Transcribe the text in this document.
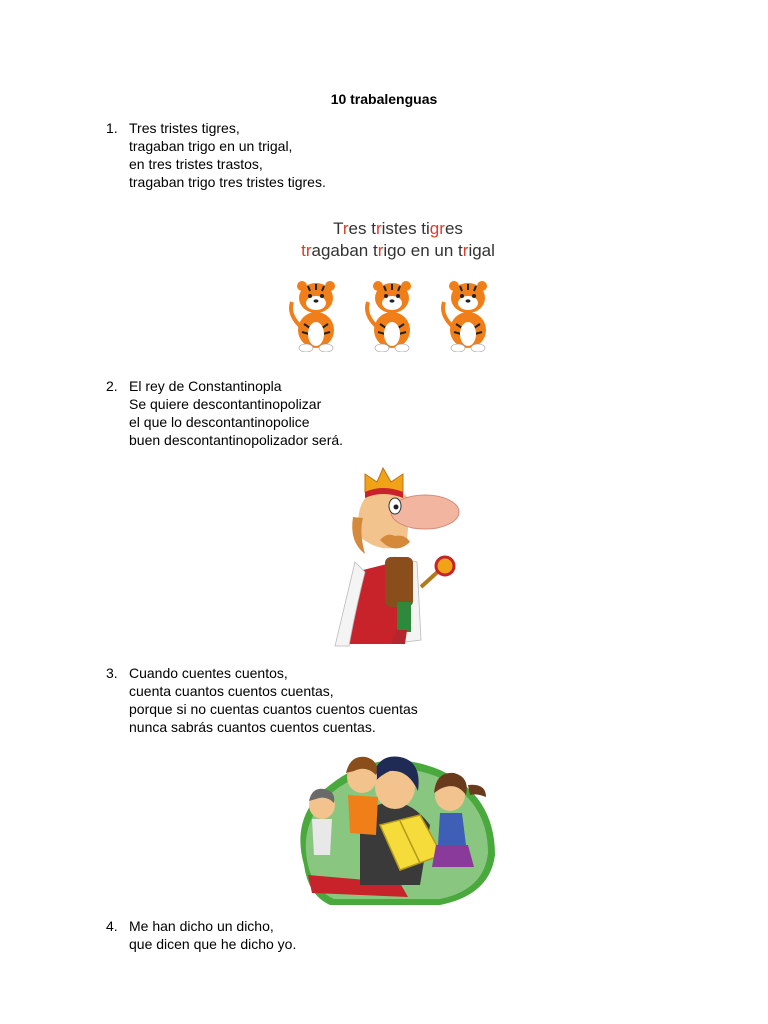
10 trabalenguas
1. Tres tristes tigres,
tragaban trigo en un trigal,
en tres tristes trastos,
tragaban trigo tres tristes tigres.
Tres tristes tigres
tragaban trigo en un trigal
2. El rey de Constantinopla
Se quiere descontantinopolizar
el que lo descontantinopolice
buen descontantinopolizador será.
3. Cuando cuentes cuentos,
cuenta cuantos cuentos cuentas,
porque si no cuentas cuantos cuentos cuentas
nunca sabrás cuantos cuentos cuentas.
4. Me han dicho un dicho,
que dicen que he dicho yo.
